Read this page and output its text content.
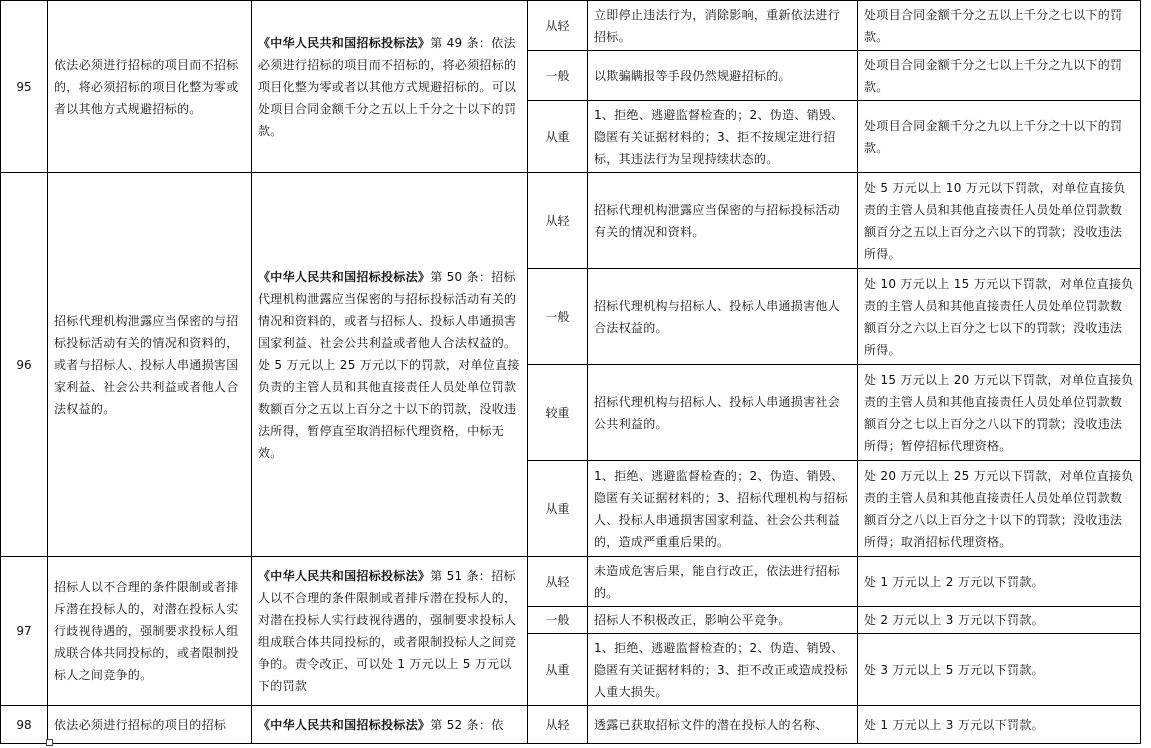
95	依法必须进行招标的项目而不招标的，将必须招标的项目化整为零或者以其他方式规避招标的。	《中华人民共和国招标投标法》第 49 条：依法必须进行招标的项目而不招标的，将必须招标的项目化整为零或者以其他方式规避招标的。可以处项目合同金额千分之五以上千分之十以下的罚款。	从轻	立即停止违法行为，消除影响，重新依法进行招标。	处项目合同金额千分之五以上千分之七以下的罚款。
			一般	以欺骗瞒报等手段仍然规避招标的。	处项目合同金额千分之七以上千分之九以下的罚款。
			从重	1、拒绝、逃避监督检查的；2、伪造、销毁、隐匿有关证据材料的；3、拒不按规定进行招标，其违法行为呈现持续状态的。	处项目合同金额千分之九以上千分之十以下的罚款。
96	招标代理机构泄露应当保密的与招标投标活动有关的情况和资料的，或者与招标人、投标人串通损害国家利益、社会公共利益或者他人合法权益的。	《中华人民共和国招标投标法》第 50 条：招标代理机构泄露应当保密的与招标投标活动有关的情况和资料的，或者与招标人、投标人串通损害国家利益、社会公共利益或者他人合法权益的。处 5 万元以上 25 万元以下的罚款，对单位直接负责的主管人员和其他直接责任人员处单位罚款数额百分之五以上百分之十以下的罚款，没收违法所得，暂停直至取消招标代理资格，中标无效。	从轻	招标代理机构泄露应当保密的与招标投标活动有关的情况和资料。	处 5 万元以上 10 万元以下罚款，对单位直接负责的主管人员和其他直接责任人员处单位罚款数额百分之五以上百分之六以下的罚款；没收违法所得。
			一般	招标代理机构与招标人、投标人串通损害他人合法权益的。	处 10 万元以上 15 万元以下罚款，对单位直接负责的主管人员和其他直接责任人员处单位罚款数额百分之六以上百分之七以下的罚款；没收违法所得。
			较重	招标代理机构与招标人、投标人串通损害社会公共利益的。	处 15 万元以上 20 万元以下罚款，对单位直接负责的主管人员和其他直接责任人员处单位罚款数额百分之七以上百分之八以下的罚款；没收违法所得；暂停招标代理资格。
			从重	1、拒绝、逃避监督检查的；2、伪造、销毁、隐匿有关证据材料的；3、招标代理机构与招标人、投标人串通损害国家利益、社会公共利益的，造成严重重后果的。	处 20 万元以上 25 万元以下罚款，对单位直接负责的主管人员和其他直接责任人员处单位罚款数额百分之八以上百分之十以下的罚款；没收违法所得；取消招标代理资格。
97	招标人以不合理的条件限制或者排斥潜在投标人的，对潜在投标人实行歧视待遇的，强制要求投标人组成联合体共同投标的，或者限制投标人之间竞争的。	《中华人民共和国招标投标法》第 51 条：招标人以不合理的条件限制或者排斥潜在投标人的，对潜在投标人实行歧视待遇的，强制要求投标人组成联合体共同投标的，或者限制投标人之间竞争的。责令改正，可以处 1 万元以上 5 万元以下的罚款	从轻	未造成危害后果，能自行改正，依法进行招标的。	处 1 万元以上 2 万元以下罚款。
			一般	招标人不积极改正，影响公平竞争。	处 2 万元以上 3 万元以下罚款。
			从重	1、拒绝、逃避监督检查的；2、伪造、销毁、隐匿有关证据材料的；3、拒不改正或造成投标人重大损失。	处 3 万元以上 5 万元以下罚款。
98	依法必须进行招标的项目的招标	《中华人民共和国招标投标法》第 52 条：依	从轻	透露已获取招标文件的潜在投标人的名称、	处 1 万元以上 3 万元以下罚款。
